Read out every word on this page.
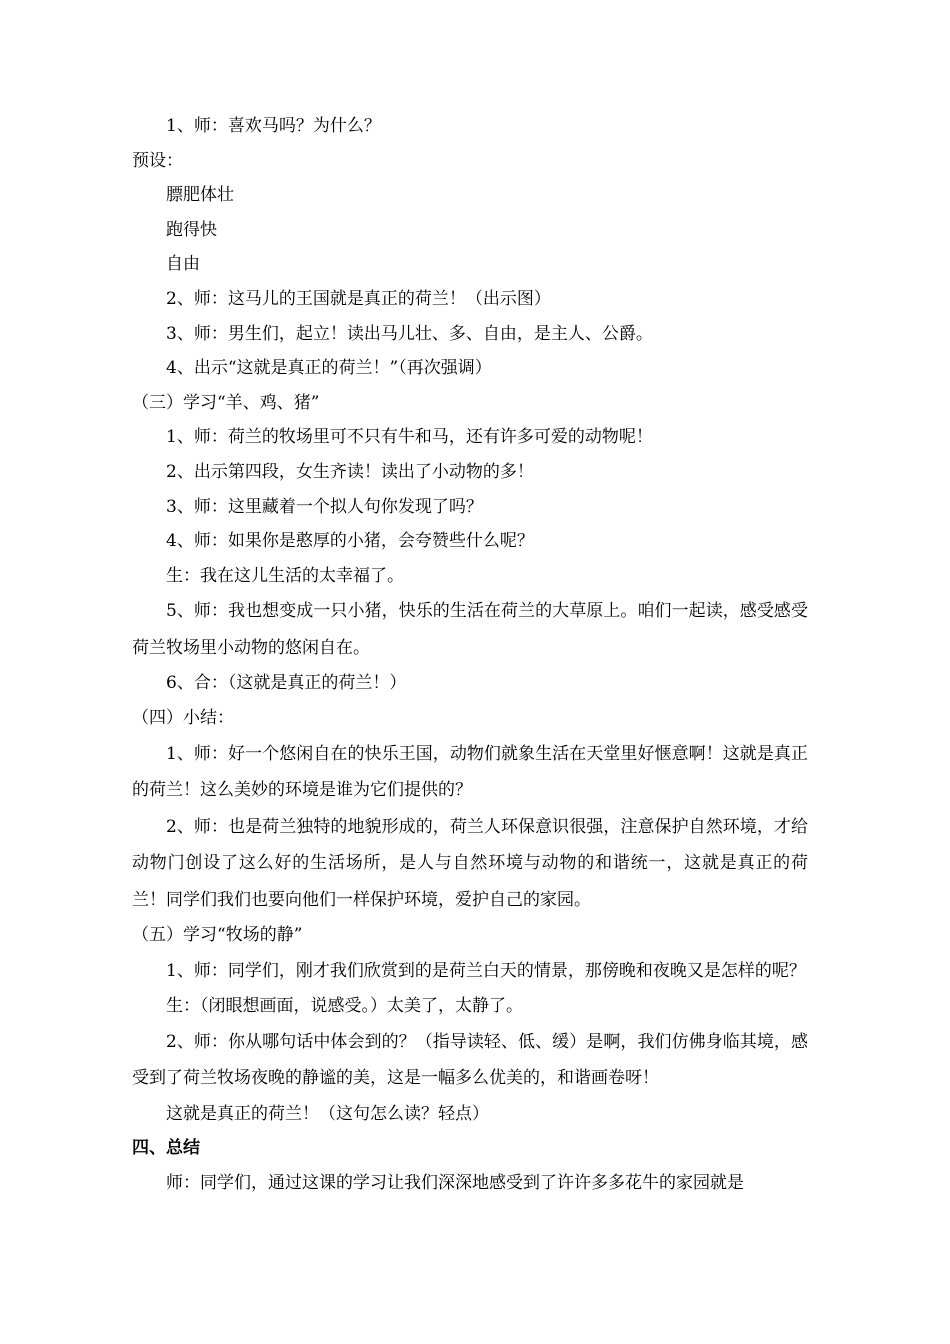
1、师：喜欢马吗？为什么？

预设：

膘肥体壮

跑得快

自由

2、师：这马儿的王国就是真正的荷兰！（出示图）

3、师：男生们，起立！读出马儿壮、多、自由，是主人、公爵。

4、出示“这就是真正的荷兰！”（再次强调）

（三）学习“羊、鸡、猪”

1、师：荷兰的牧场里可不只有牛和马，还有许多可爱的动物呢！

2、出示第四段，女生齐读！读出了小动物的多！

3、师：这里藏着一个拟人句你发现了吗？

4、师：如果你是憨厚的小猪，会夸赞些什么呢？

生：我在这儿生活的太幸福了。

5、师：我也想变成一只小猪，快乐的生活在荷兰的大草原上。咱们一起读，感受感受荷兰牧场里小动物的悠闲自在。

6、合：（这就是真正的荷兰！）

（四）小结：

1、师：好一个悠闲自在的快乐王国，动物们就象生活在天堂里好惬意啊！这就是真正的荷兰！这么美妙的环境是谁为它们提供的？

2、师：也是荷兰独特的地貌形成的，荷兰人环保意识很强，注意保护自然环境，才给动物门创设了这么好的生活场所，是人与自然环境与动物的和谐统一，这就是真正的荷兰！同学们我们也要向他们一样保护环境，爱护自己的家园。

（五）学习“牧场的静”

1、师：同学们，刚才我们欣赏到的是荷兰白天的情景，那傍晚和夜晚又是怎样的呢？

生：（闭眼想画面，说感受。）太美了，太静了。

2、师：你从哪句话中体会到的？（指导读轻、低、缓）是啊，我们仿佛身临其境，感受到了荷兰牧场夜晚的静谧的美，这是一幅多么优美的，和谐画卷呀！

这就是真正的荷兰！（这句怎么读？轻点）

四、总结

师：同学们，通过这课的学习让我们深深地感受到了许许多多花牛的家园就是
